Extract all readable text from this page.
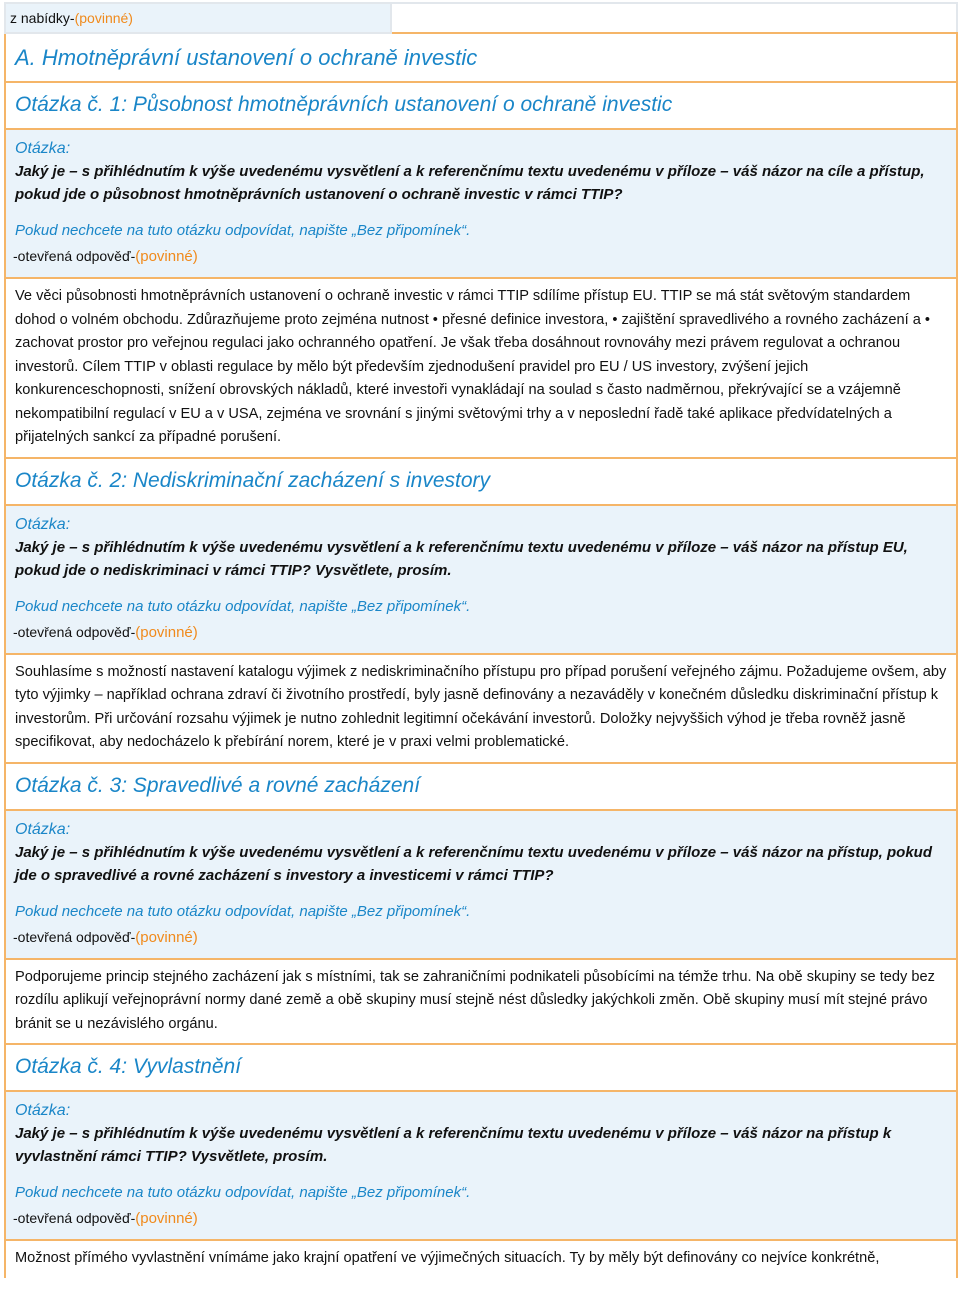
z nabídky-(povinné)
A. Hmotněprávní ustanovení o ochraně investic
Otázka č. 1: Působnost hmotněprávních ustanovení o ochraně investic
Otázka:
Jaký je – s přihlédnutím k výše uvedenému vysvětlení a k referenčnímu textu uvedenému v příloze – váš názor na cíle a přístup, pokud jde o působnost hmotněprávních ustanovení o ochraně investic v rámci TTIP?
Pokud nechcete na tuto otázku odpovídat, napište „Bez připomínek“.
-otevřená odpověď-(povinné)
Ve věci působnosti hmotněprávních ustanovení o ochraně investic v rámci TTIP sdílíme přístup EU. TTIP se má stát světovým standardem dohod o volném obchodu. Zdůrazňujeme proto zejména nutnost • přesné definice investora, • zajištění spravedlivého a rovného zacházení a • zachovat prostor pro veřejnou regulaci jako ochranného opatření. Je však třeba dosáhnout rovnováhy mezi právem regulovat a ochranou investorů. Cílem TTIP v oblasti regulace by mělo být především zjednodušení pravidel pro EU / US investory, zvýšení jejich konkurenceschopnosti, snížení obrovských nákladů, které investoři vynakládají na soulad s často nadměrnou, překrývající se a vzájemně nekompatibilní regulací v EU a v USA, zejména ve srovnání s jinými světovými trhy a v neposlední řadě také aplikace předvídatelných a přijatelných sankcí za případné porušení.
Otázka č. 2: Nediskriminační zacházení s investory
Otázka:
Jaký je – s přihlédnutím k výše uvedenému vysvětlení a k referenčnímu textu uvedenému v příloze – váš názor na přístup EU, pokud jde o nediskriminaci v rámci TTIP? Vysvětlete, prosím.
Pokud nechcete na tuto otázku odpovídat, napište „Bez připomínek“.
-otevřená odpověď-(povinné)
Souhlasíme s možností nastavení katalogu výjimek z nediskriminačního přístupu pro případ porušení veřejného zájmu. Požadujeme ovšem, aby tyto výjimky – například ochrana zdraví či životního prostředí, byly jasně definovány a nezaváděly v konečném důsledku diskriminační přístup k investorům. Při určování rozsahu výjimek je nutno zohlednit legitimní očekávání investorů. Doložky nejvyššich výhod je třeba rovněž jasně specifikovat, aby nedocházelo k přebírání norem, které je v praxi velmi problematické.
Otázka č. 3: Spravedlivé a rovné zacházení
Otázka:
Jaký je – s přihlédnutím k výše uvedenému vysvětlení a k referenčnímu textu uvedenému v příloze – váš názor na přístup, pokud jde o spravedlivé a rovné zacházení s investory a investicemi v rámci TTIP?
Pokud nechcete na tuto otázku odpovídat, napište „Bez připomínek“.
-otevřená odpověď-(povinné)
Podporujeme princip stejného zacházení jak s místními, tak se zahraničními podnikateli působícími na témže trhu. Na obě skupiny se tedy bez rozdílu aplikují veřejnoprávní normy dané země a obě skupiny musí stejně nést důsledky jakýchkoli změn. Obě skupiny musí mít stejné právo bránit se u nezávislého orgánu.
Otázka č. 4: Vyvlastnění
Otázka:
Jaký je – s přihlédnutím k výše uvedenému vysvětlení a k referenčnímu textu uvedenému v příloze – váš názor na přístup k vyvlastnění rámci TTIP? Vysvětlete, prosím.
Pokud nechcete na tuto otázku odpovídat, napište „Bez připomínek“.
-otevřená odpověď-(povinné)
Možnost přímého vyvlastnění vnímáme jako krajní opatření ve výjimečných situacích. Ty by měly být definovány co nejvíce konkrétně,
